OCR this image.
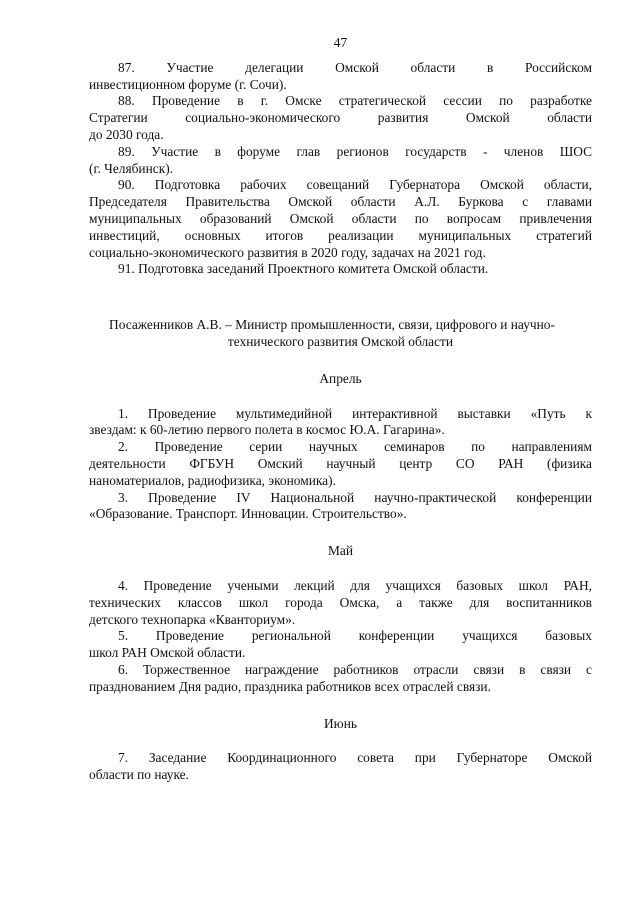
47

87. Участие делегации Омской области в Российском
инвестиционном форуме (г. Сочи).

88. Проведение в г. Омске стратегической сессии по разработке
Стратегии социально-экономического развития Омской области
до 2030 года.

89. Участие в форуме глав регионов государств - членов ШОС
(г. Челябинск).

90. Подготовка рабочих совещаний Губернатора Омской области,
Председателя Правительства Омской области А.Л. Буркова с главами
муниципальных образований Омской области по вопросам привлечения
инвестиций, основных итогов реализации муниципальных стратегий
социально-экономического развития в 2020 году, задачах на 2021 год.

91. Подготовка заседаний Проектного комитета Омской области.

Посаженников А.В. – Министр промышленности, связи, цифрового и научно-
технического развития Омской области
Апрель

1. Проведение мультимедийной интерактивной выставки «Путь к
звездам: к 60-летию первого полета в космос Ю.А. Гагарина».

2. Проведение серии научных семинаров по направлениям
деятельности ФГБУН Омский научный центр СО РАН (физика
наноматериалов, радиофизика, экономика).

3. Проведение IV Национальной научно-практической конференции
«Образование. Транспорт. Инновации. Строительство».

Май

4. Проведение учеными лекций для учащихся базовых школ РАН,
технических классов школ города Омска, а также для воспитанников
детского технопарка «Кванториум».

5. Проведение региональной конференции учащихся базовых
школ РАН Омской области.

6. Торжественное награждение работников отрасли связи в связи с
празднованием Дня радио, праздника работников всех отраслей связи.

Июнь

7. Заседание Координационного совета при Губернаторе Омской
области по науке.
